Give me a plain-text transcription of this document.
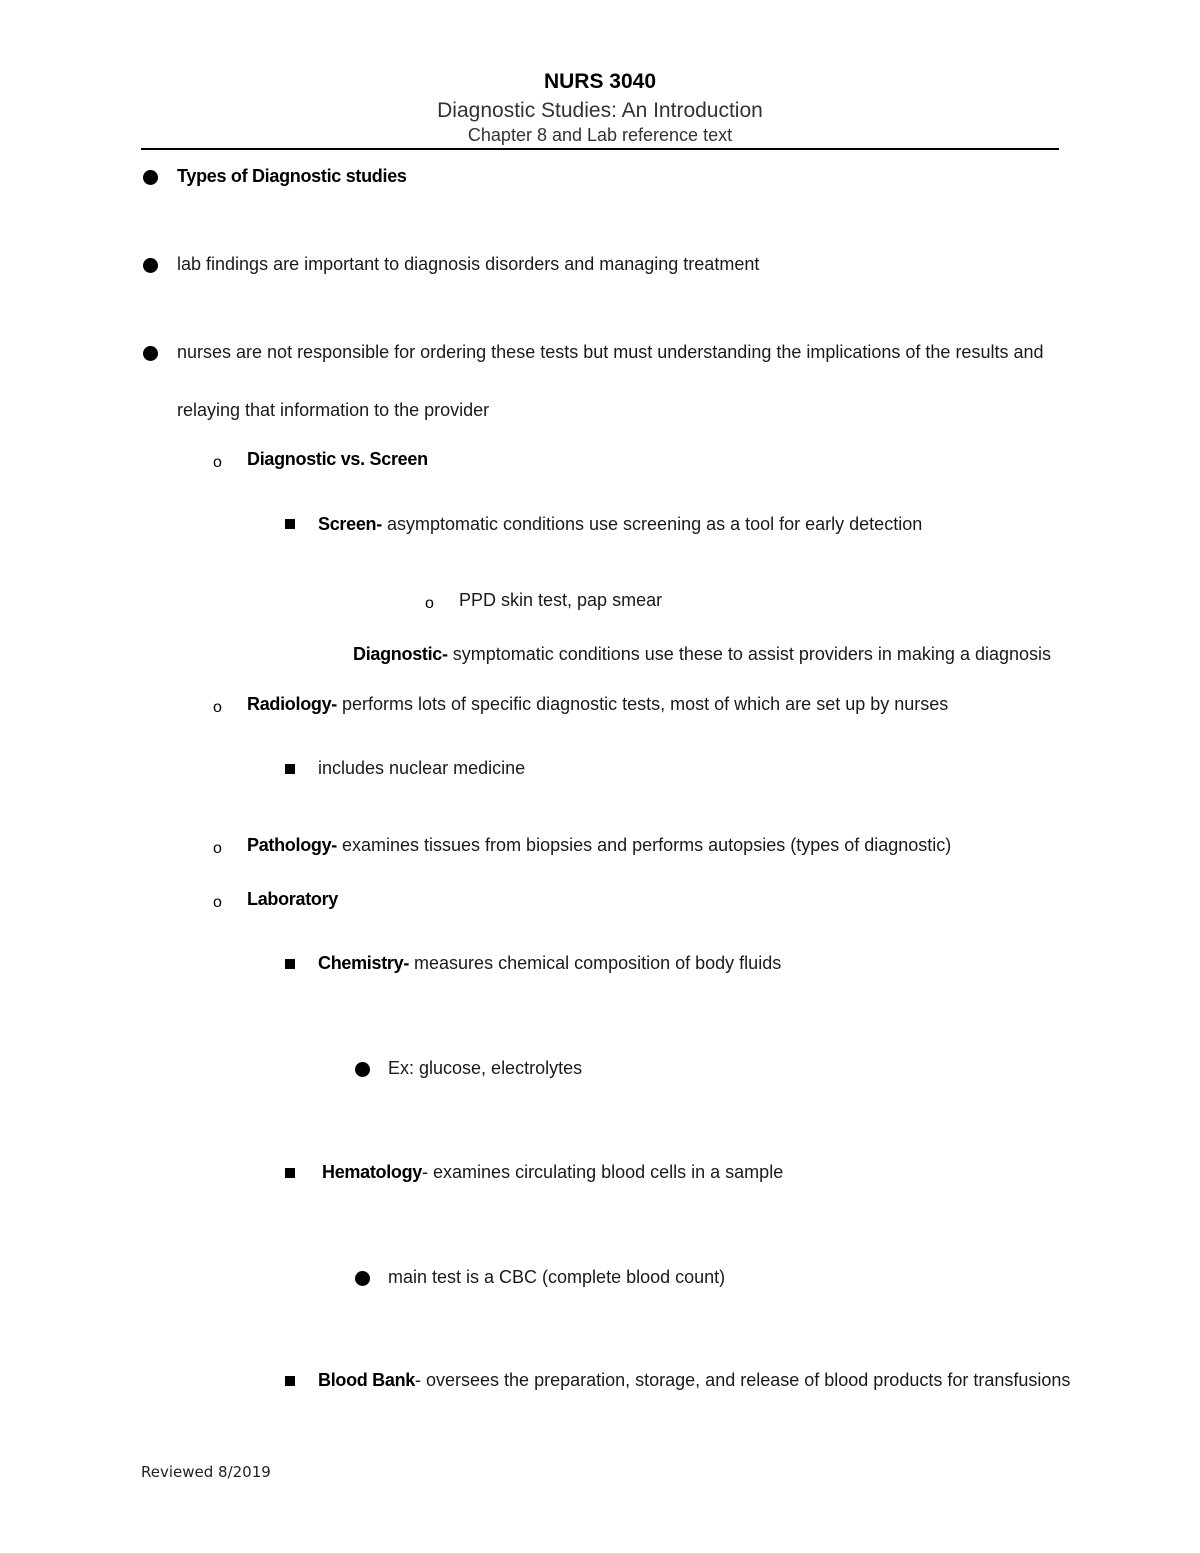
NURS 3040
Diagnostic Studies: An Introduction
Chapter 8 and Lab reference text
Types of Diagnostic studies
lab findings are important to diagnosis disorders and managing treatment
nurses are not responsible for ordering these tests but must understanding the implications of the results and
relaying that information to the provider
o Diagnostic vs. Screen
Screen- asymptomatic conditions use screening as a tool for early detection
o PPD skin test, pap smear
Diagnostic- symptomatic conditions use these to assist providers in making a diagnosis
o Radiology- performs lots of specific diagnostic tests, most of which are set up by nurses
includes nuclear medicine
o Pathology- examines tissues from biopsies and performs autopsies (types of diagnostic)
o Laboratory
Chemistry- measures chemical composition of body fluids
Ex: glucose, electrolytes
Hematology- examines circulating blood cells in a sample
main test is a CBC (complete blood count)
Blood Bank- oversees the preparation, storage, and release of blood products for transfusions
Reviewed 8/2019
